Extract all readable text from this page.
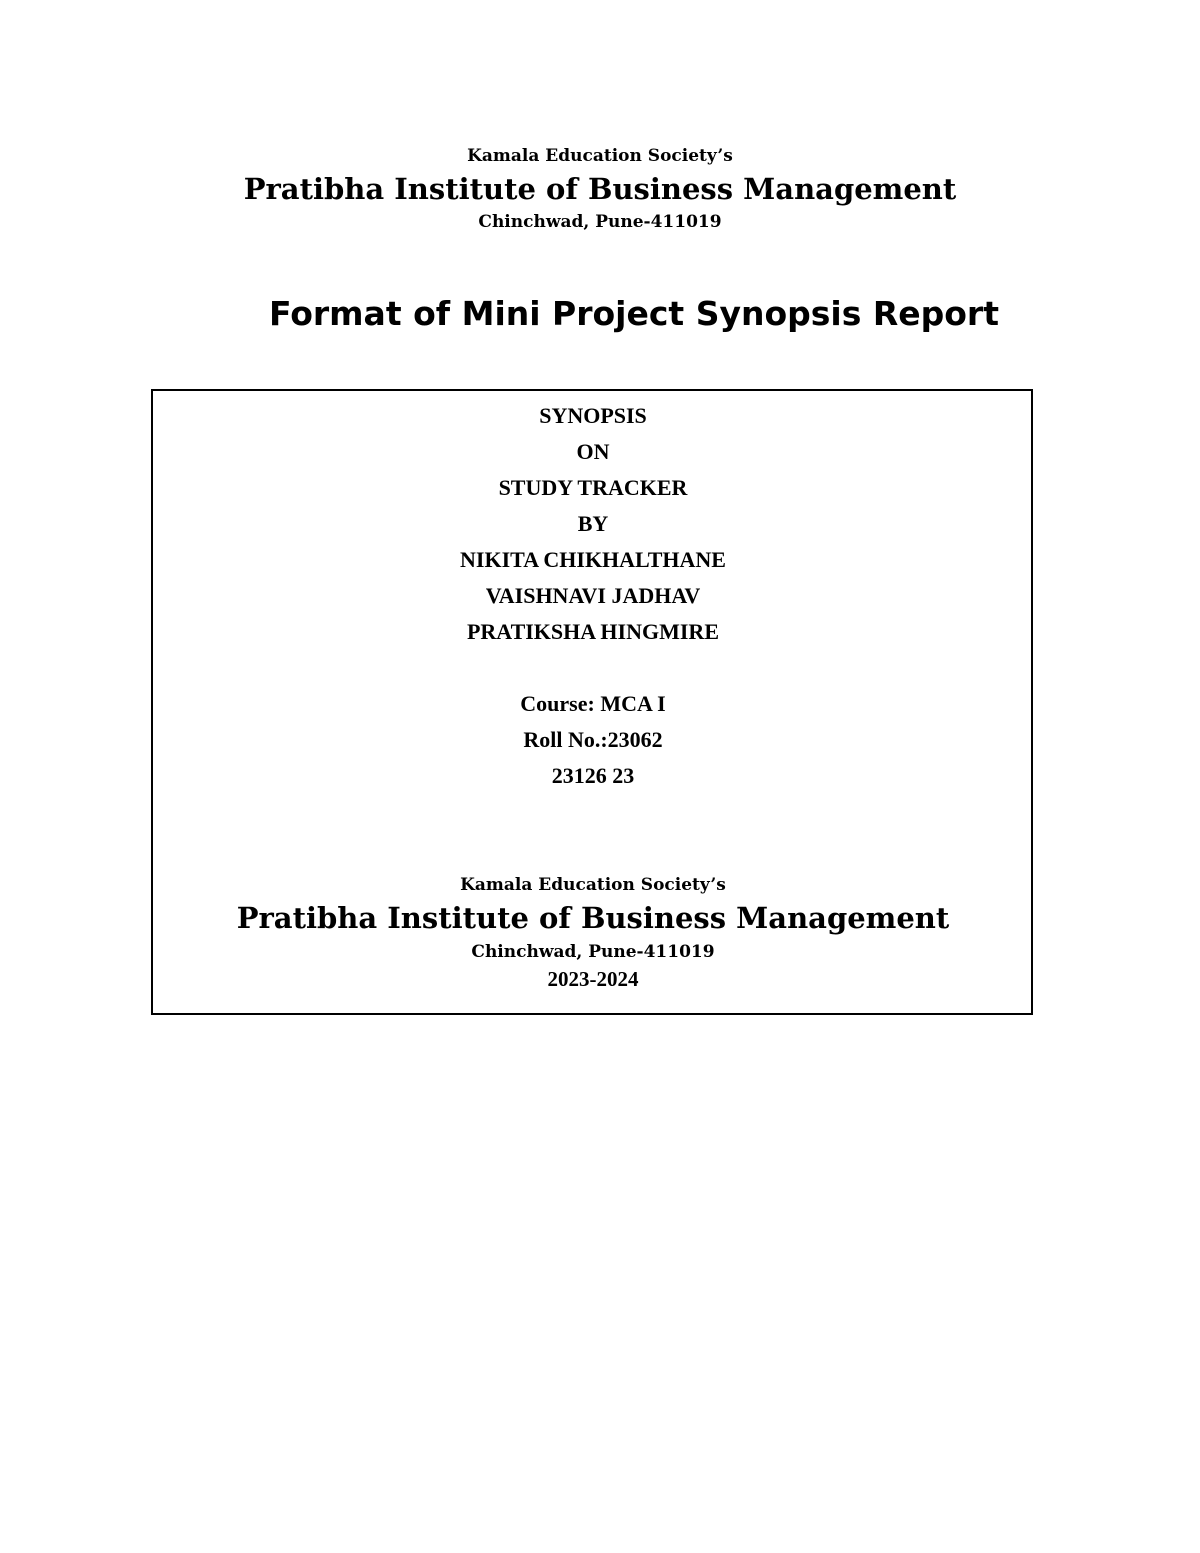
Kamala Education Society’s
Pratibha Institute of Business Management
Chinchwad, Pune-411019
Format of Mini Project Synopsis Report
SYNOPSIS
ON
STUDY TRACKER
BY
NIKITA CHIKHALTHANE
VAISHNAVI JADHAV
PRATIKSHA HINGMIRE
Course: MCA I
Roll No.:23062
23126 23
Kamala Education Society’s
Pratibha Institute of Business Management
Chinchwad, Pune-411019
2023-2024
